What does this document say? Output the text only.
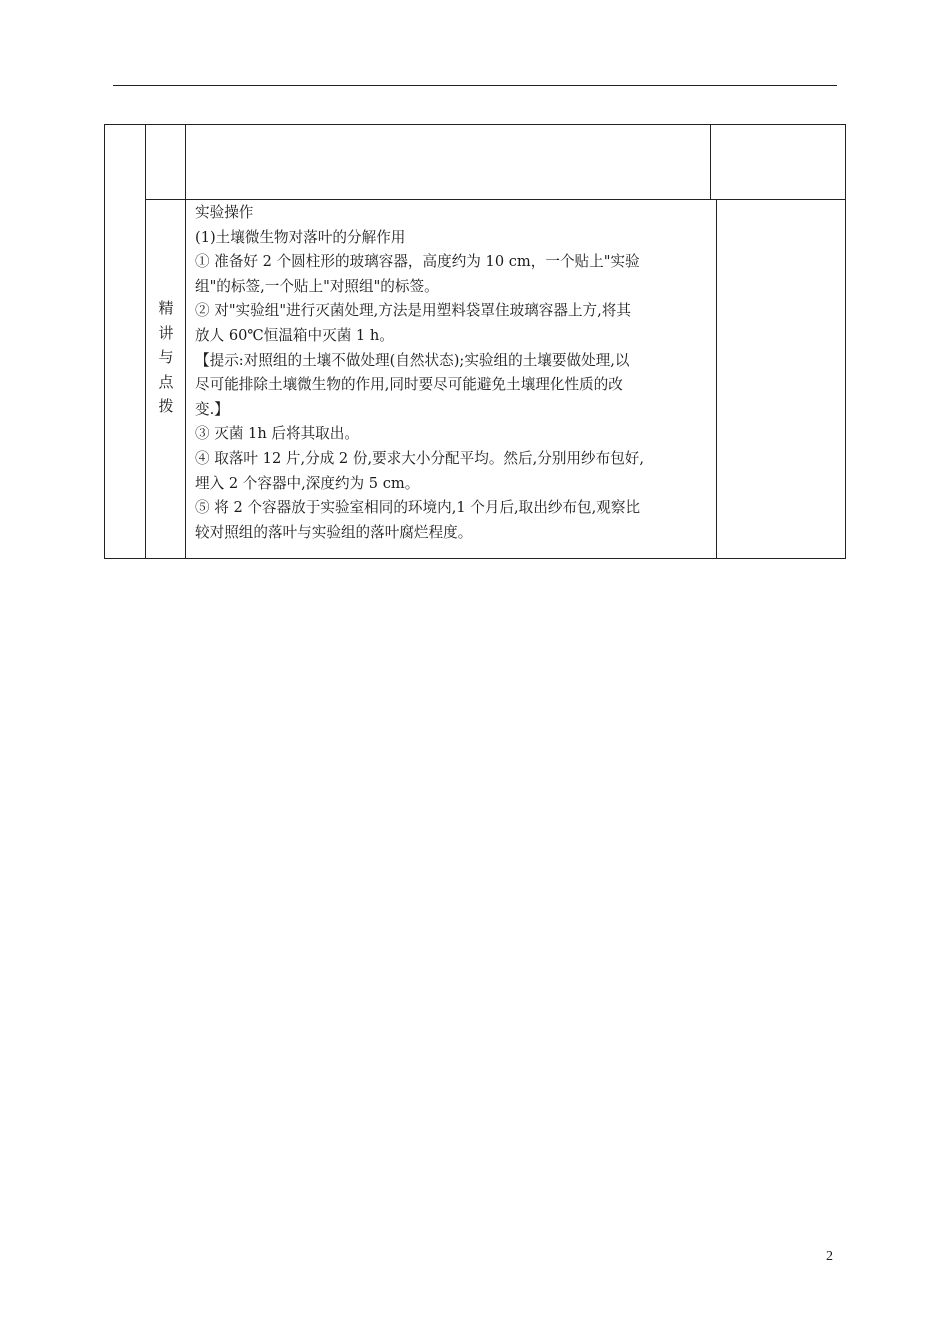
精
讲
与
点
拨

实验操作

(1)土壤微生物对落叶的分解作用

① 准备好 2 个圆柱形的玻璃容器，高度约为 10 cm，一个贴上"实验

组"的标签,一个贴上"对照组"的标签。

② 对"实验组"进行灭菌处理,方法是用塑料袋罩住玻璃容器上方,将其

放人 60℃恒温箱中灭菌 1 h。

【提示:对照组的土壤不做处理(自然状态);实验组的土壤要做处理,以

尽可能排除土壤微生物的作用,同时要尽可能避免土壤理化性质的改

变.】

③ 灭菌 1h 后将其取出。

④ 取落叶 12 片,分成 2 份,要求大小分配平均。然后,分别用纱布包好,

埋入 2 个容器中,深度约为 5 cm。

⑤ 将 2 个容器放于实验室相同的环境内,1 个月后,取出纱布包,观察比

较对照组的落叶与实验组的落叶腐烂程度。

2
